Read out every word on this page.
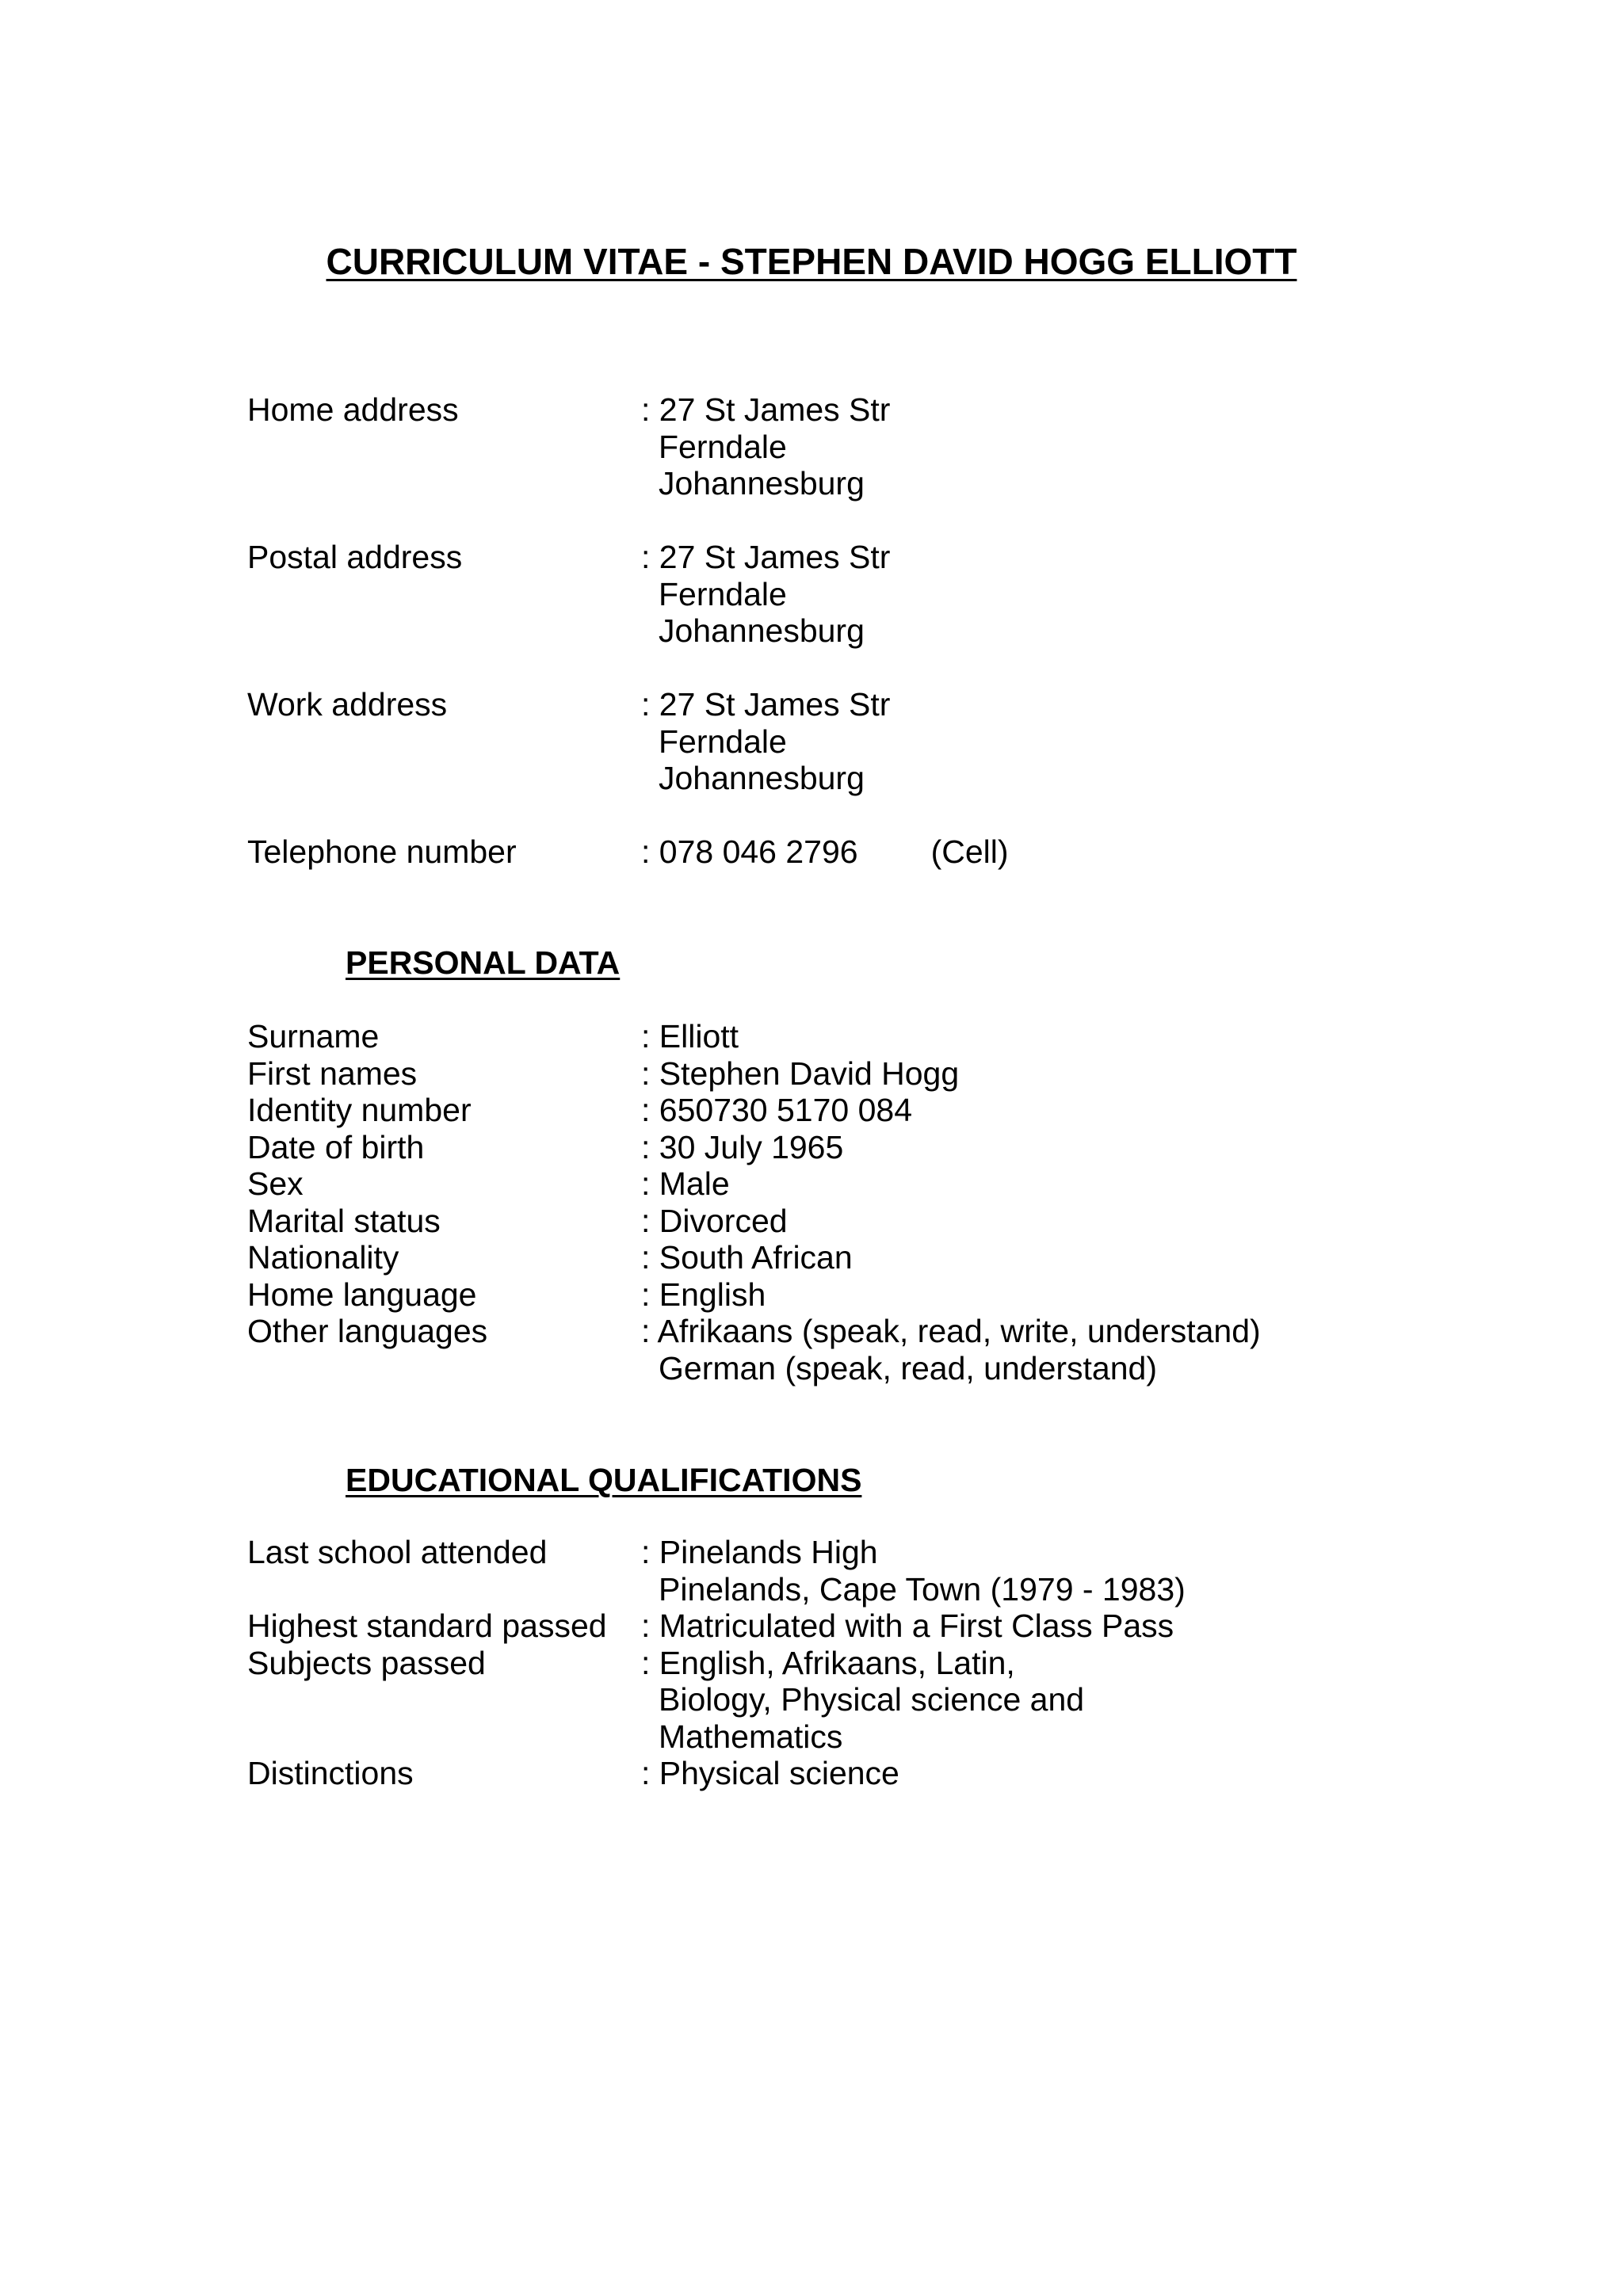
CURRICULUM VITAE - STEPHEN DAVID HOGG ELLIOTT
Home address	: 27 St James Str
Ferndale
Johannesburg
Postal address	: 27 St James Str
Ferndale
Johannesburg
Work address	: 27 St James Str
Ferndale
Johannesburg
Telephone number	: 078 046 2796 (Cell)
PERSONAL DATA
Surname	: Elliott
First names	: Stephen David Hogg
Identity number	: 650730 5170 084
Date of birth	: 30 July 1965
Sex	: Male
Marital status	: Divorced
Nationality	: South African
Home language	: English
Other languages	: Afrikaans (speak, read, write, understand)
German (speak, read, understand)
EDUCATIONAL QUALIFICATIONS
Last school attended	: Pinelands High
Pinelands, Cape Town (1979 - 1983)
Highest standard passed	: Matriculated with a First Class Pass
Subjects passed	: English, Afrikaans, Latin,
Biology, Physical science and
Mathematics
Distinctions	: Physical science
